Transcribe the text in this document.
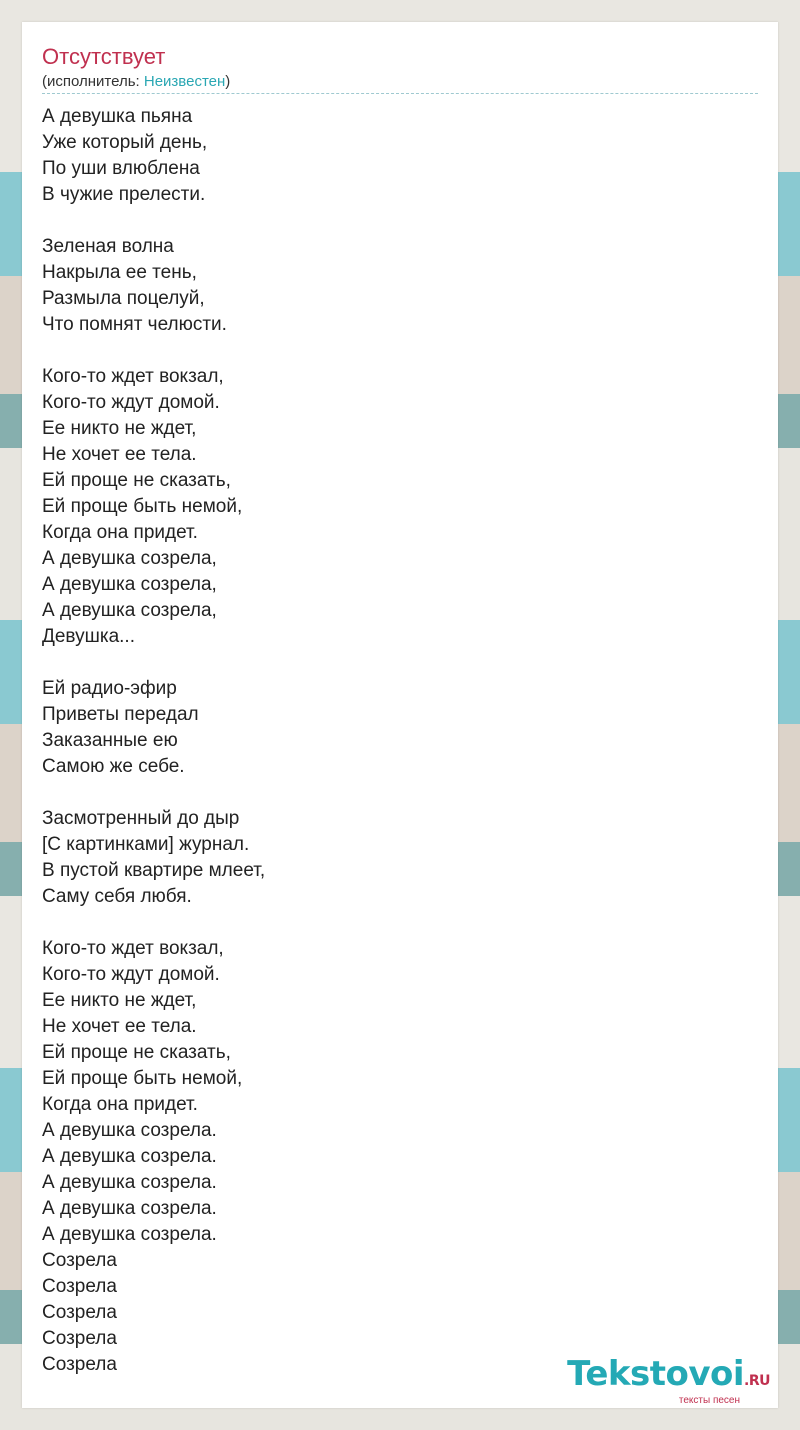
Отсутствует
(исполнитель: Неизвестен)
А девушка пьяна
Уже который день,
По уши влюблена
В чужие прелести.
Зеленая волна
Накрыла ее тень,
Размыла поцелуй,
Что помнят челюсти.
Кого-то ждет вокзал,
Кого-то ждут домой.
Ее никто не ждет,
Не хочет ее тела.
Ей проще не сказать,
Ей проще быть немой,
Когда она придет.
А девушка созрела,
А девушка созрела,
А девушка созрела,
Девушка...
Ей радио-эфир
Приветы передал
Заказанные ею
Самою же себе.
Засмотренный до дыр
[С картинками] журнал.
В пустой квартире млеет,
Саму себя любя.
Кого-то ждет вокзал,
Кого-то ждут домой.
Ее никто не ждет,
Не хочет ее тела.
Ей проще не сказать,
Ей проще быть немой,
Когда она придет.
А девушка созрела.
А девушка созрела.
А девушка созрела.
А девушка созрела.
А девушка созрела.
Созрела
Созрела
Созрела
Созрела
Созрела	Tekstovoi.RU
тексты песен
